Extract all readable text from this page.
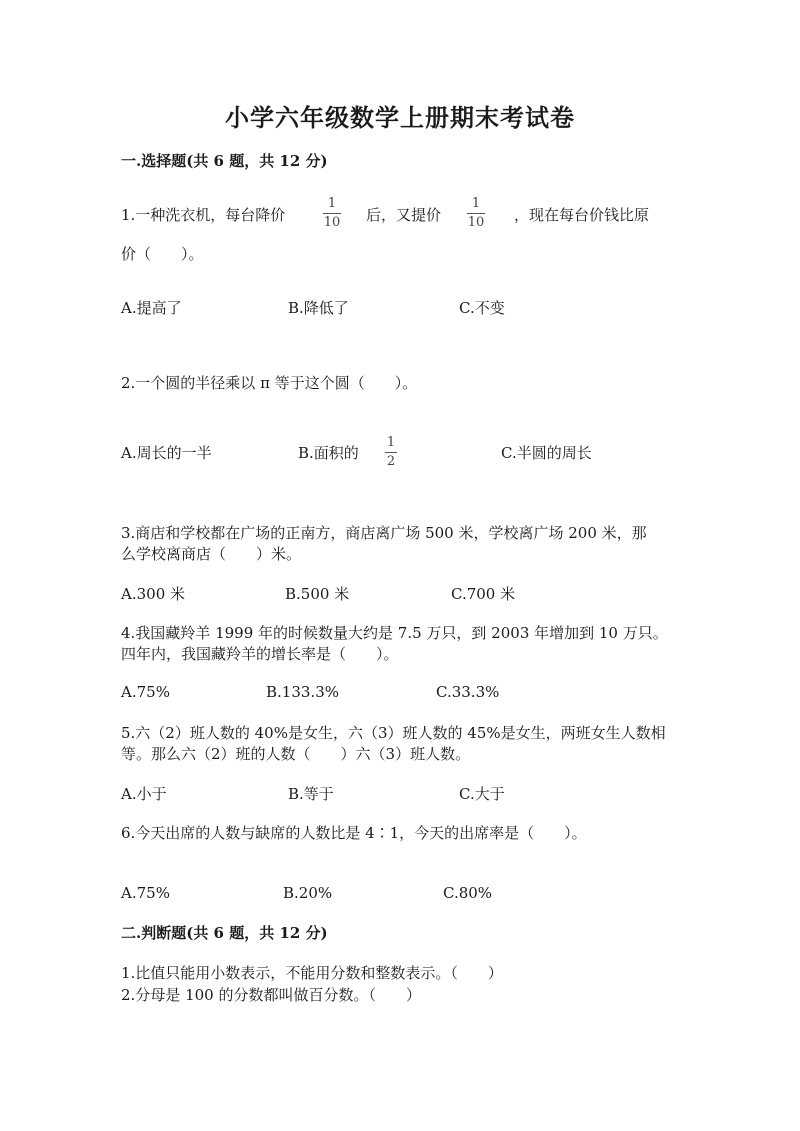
小学六年级数学上册期末考试卷
一.选择题(共 6 题，共 12 分)
1.一种洗衣机，每台降价
1
10 后，又提价
1
10 ，现在每台价钱比原
价（　　）。
A.提高了	B.降低了	C.不变
2.一个圆的半径乘以 π 等于这个圆（　　）。
A.周长的一半	B.面积的
1
2	C.半圆的周长
3.商店和学校都在广场的正南方，商店离广场 500 米，学校离广场 200 米，那
么学校离商店（　　）米。
A.300 米	B.500 米	C.700 米
4.我国藏羚羊 1999 年的时候数量大约是 7.5 万只，到 2003 年增加到 10 万只。
四年内，我国藏羚羊的增长率是（　　）。
A.75%	B.133.3%	C.33.3%
5.六（2）班人数的 40%是女生，六（3）班人数的 45%是女生，两班女生人数相
等。那么六（2）班的人数（　　）六（3）班人数。
A.小于	B.等于	C.大于
6.今天出席的人数与缺席的人数比是 4∶1，今天的出席率是（　　）。
A.75%	B.20%	C.80%
二.判断题(共 6 题，共 12 分)
1.比值只能用小数表示，不能用分数和整数表示。（　　）
2.分母是 100 的分数都叫做百分数。（　　）
